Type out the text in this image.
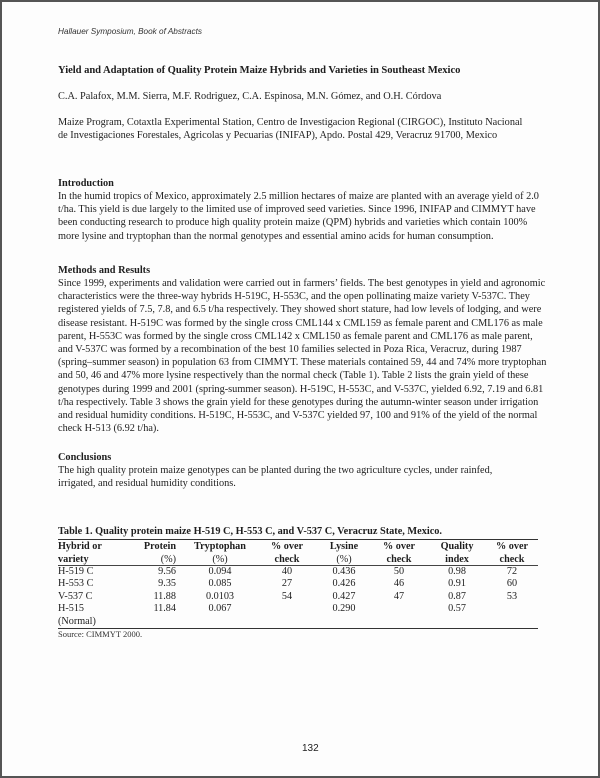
Hallauer Symposium, Book of Abstracts
Yield and Adaptation of Quality Protein Maize Hybrids and Varieties in Southeast Mexico
C.A. Palafox, M.M. Sierra, M.F. Rodriguez, C.A. Espinosa, M.N. Gómez, and O.H. Córdova
Maize Program, Cotaxtla Experimental Station, Centro de Investigacion Regional (CIRGOC), Instituto Nacional de Investigaciones Forestales, Agricolas y Pecuarias (INIFAP), Apdo. Postal 429, Veracruz 91700, Mexico
Introduction

In the humid tropics of Mexico, approximately 2.5 million hectares of maize are planted with an average yield of 2.0 t/ha. This yield is due largely to the limited use of improved seed varieties. Since 1996, INIFAP and CIMMYT have been conducting research to produce high quality protein maize (QPM) hybrids and varieties which contain 100% more lysine and tryptophan than the normal genotypes and essential amino acids for human consumption.

Methods and Results

Since 1999, experiments and validation were carried out in farmers’ fields. The best genotypes in yield and agronomic characteristics were the three-way hybrids H-519C, H-553C, and the open pollinating maize variety V-537C. They registered yields of 7.5, 7.8, and 6.5 t/ha respectively. They showed short stature, had low levels of lodging, and were disease resistant. H-519C was formed by the single cross CML144 x CML159 as female parent and CML176 as male parent, H-553C was formed by the single cross CML142 x CML150 as female parent and CML176 as male parent, and V-537C was formed by a recombination of the best 10 families selected in Poza Rica, Veracruz, during 1987 (spring–summer season) in population 63 from CIMMYT. These materials contained 59, 44 and 74% more tryptophan and 50, 46 and 47% more lysine respectively than the normal check (Table 1). Table 2 lists the grain yield of these genotypes during 1999 and 2001 (spring-summer season). H-519C, H-553C, and V-537C, yielded 6.92, 7.19 and 6.81 t/ha respectively. Table 3 shows the grain yield for these genotypes during the autumn-winter season under irrigation and residual humidity conditions. H-519C, H-553C, and V-537C yielded 97, 100 and 91% of the yield of the normal check H-513 (6.92 t/ha).

Conclusions

The high quality protein maize genotypes can be planted during the two agriculture cycles, under rainfed, irrigated, and residual humidity conditions.

Table 1. Quality protein maize H-519 C, H-553 C, and V-537 C, Veracruz State, Mexico.
Hybrid or	Protein	Tryptophan	% over	Lysine	% over	Quality	% over
variety	(%)	(%)	check	(%)	check	index	check
H-519 C	9.56	0.094	40	0.436	50	0.98	72
H-553 C	9.35	0.085	27	0.426	46	0.91	60
V-537 C	11.88	0.0103	54	0.427	47	0.87	53
H-515	11.84	0.067		0.290		0.57	
(Normal)							
Source: CIMMYT 2000.
132
